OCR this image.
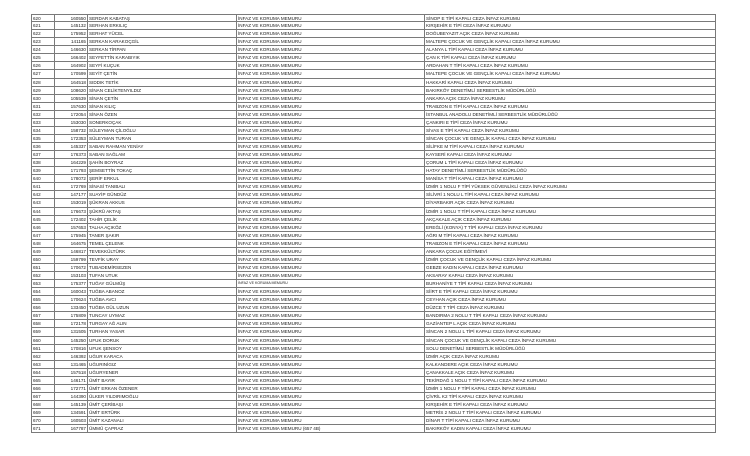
620	160550 SERDAR KABATAŞ	İNFAZ VE KORUMA MEMURU	SİNOP E TİPİ KAPALI CEZA İNFAZ KURUMU
621	145132 SERHAN ERKILIÇ	İNFAZ VE KORUMA MEMURU	KIRŞEHİR E TİPİ CEZA İNFAZ KURUMU
622	175952 SERHAT YÜCEL	İNFAZ VE KORUMA MEMURU	DOĞUBEYAZIT AÇIK CEZA İNFAZ KURUMU
623	141165 SERKAN KARAKOÇGİL	İNFAZ VE KORUMA MEMURU	MALTEPE ÇOCUK VE GENÇLİK KAPALI CEZA İNFAZ KURUMU
624	146630 SERKAN TİRPAN	İNFAZ VE KORUMA MEMURU	ALANYA L TİPİ KAPALI CEZA İNFAZ KURUMU
625	166402 SEYFETTİN KARABIYIK	İNFAZ VE KORUMA MEMURU	ÇAN K TİPİ KAPALI CEZA İNFAZ KURUMU
626	164902 SEYFİ KUÇUK	İNFAZ VE KORUMA MEMURU	ARDAHAN T TİPİ KAPALI CEZA İNFAZ KURUMU
627	170599 SEYİT ÇETİN	İNFAZ VE KORUMA MEMURU	MALTEPE ÇOCUK VE GENÇLİK KAPALI CEZA İNFAZ KURUMU
628	164518 SIDDIK TETİK	İNFAZ VE KORUMA MEMURU	HAKKARİ KAPALI CEZA İNFAZ KURUMU
629	108620 SİNAN CELİKTENYILDIZ	İNFAZ VE KORUMA MEMURU	BAKIRKÖY DENETİMLİ SERBESTLİK MÜDÜRLÜĞÜ
630	105539 SİNAN ÇETİN	İNFAZ VE KORUMA MEMURU	ANKARA AÇIK CEZA İNFAZ KURUMU
631	157630 SİNAN KILIÇ	İNFAZ VE KORUMA MEMURU	TRABZON E TİPİ KAPALI CEZA İNFAZ KURUMU
632	172054 SİNAN ÖZEN	İNFAZ VE KORUMA MEMURU	İSTANBUL ANADOLU DENETİMLİ SERBESTLİK MÜDÜRLÜĞÜ
633	153030 SONERKOÇAK	İNFAZ VE KORUMA MEMURU	ÇANKIRI E TİPİ CEZA İNFAZ KURUMU
634	158732 SÜLEYMAN ÇİLOĞLU	İNFAZ VE KORUMA MEMURU	SİVAS E TİPİ KAPALI CEZA İNFAZ KURUMU
635	172353 SÜLEYMAN TURAN	İNFAZ VE KORUMA MEMURU	SİNCAN ÇOCUK VE GENÇLİK KAPALI CEZA İNFAZ KURUMU
636	145337 SABAN RAHMAN YENİAY	İNFAZ VE KORUMA MEMURU	SİLİFKE M TİPİ KAPALI CEZA İNFAZ KURUMU
637	176373 SABAN SAĞLAM	İNFAZ VE KORUMA MEMURU	KAYSERİ KAPALI CEZA İNFAZ KURUMU
638	164229 ŞAHİN BOYRAZ	İNFAZ VE KORUMA MEMURU	ÇORUM L TİPİ KAPALI CEZA İNFAZ KURUMU
639	171793 ŞEMSETTİN TOKAÇ	İNFAZ VE KORUMA MEMURU	HATAY DENETİMLİ SERBESTLİK MÜDÜRLÜĞÜ
640	178072 ŞERİF ERKUL	İNFAZ VE KORUMA MEMURU	MANİSA T TİPİ KAPALI CEZA İNFAZ KURUMU
641	172769 SİNASİ TANIBALI	İNFAZ VE KORUMA MEMURU	İZMİR 1 NOLU F TİPİ YÜKSEK GÜVENLİKLİ CEZA İNFAZ KURUMU
642	147177 SUAYİP GÜNDÜZ	İNFAZ VE KORUMA MEMURU	SİLİVRİ 1 NOLU L TİPİ KAPALI CEZA İNFAZ KURUMU
643	153019 ŞÜKRAN AKKUS	İNFAZ VE KORUMA MEMURU	DİYARBAKIR AÇIK CEZA İNFAZ KURUMU
644	176673 ŞÜKRÜ AKTAŞ	İNFAZ VE KORUMA MEMURU	İZMİR 1 NOLU T TİPİ KAPALI CEZA İNFAZ KURUMU
645	172402 TAHİR ÇELİK	İNFAZ VE KORUMA MEMURU	AKÇAKALE AÇIK CEZA İNFAZ KURUMU
646	157653 TALHA AÇIKÖZ	İNFAZ VE KORUMA MEMURU	EREĞLİ (KONYA) T TİPİ KAPALI CEZA İNFAZ KURUMU
647	175945 TANER ŞAKIR	İNFAZ VE KORUMA MEMURU	AĞRI M TİPİ KAPALI CEZA İNFAZ KURUMU
648	164675 TEMEL ÇELENK	İNFAZ VE KORUMA MEMURU	TRABZON E TİPİ KAPALI CEZA İNFAZ KURUMU
649	146817 TEVEKKÜLTÜRK	İNFAZ VE KORUMA MEMURU	ANKARA ÇOCUK EĞİTİMEVİ
650	159799 TEVFİK URAY	İNFAZ VE KORUMA MEMURU	İZMİR ÇOCUK VE GENÇLİK KAPALI CEZA İNFAZ KURUMU
651	170672 TUBADEMİRSEZEN	İNFAZ VE KORUMA MEMURU	GEBZE KADIN KAPALI CEZA İNFAZ KURUMU
652	153103 TUFAN UTUK	İNFAZ VE KORUMA MEMURU	AKSARAY KAPALI CEZA İNFAZ KURUMU
653	175377 TUĞAY GÜLMÜŞ	İNFAZ VE KORUMA MEMURU	BURHANİYE T TİPİ KAPALI CEZA İNFAZ KURUMU
654	160043 TUĞBA ABANOZ	İNFAZ VE KORUMA MEMURU	SİİRT E TİPİ KAPALI CEZA İNFAZ KURUMU
655	170624 TUĞBA AVCI	İNFAZ VE KORUMA MEMURU	CEYHAN AÇIK CEZA İNFAZ KURUMU
656	133450 TUĞBA GÜL UZUN	İNFAZ VE KORUMA MEMURU	DÜZCE T TİPİ CEZA İNFAZ KURUMU
657	175809 TUNCAY UYMAZ	İNFAZ VE KORUMA MEMURU	BANDIRMA 2 NOLU T TİPİ KAPALI CEZA İNFAZ KURUMU
658	172178 TURGAY AĞ ALIN	İNFAZ VE KORUMA MEMURU	GAZİANTEP L AÇIK CEZA İNFAZ KURUMU
659	131505 TURHAN YASAR	İNFAZ VE KORUMA MEMURU	SİNCAN 2 NOLU L TİPİ KAPALI CEZA İNFAZ KURUMU
660	145250 UFUK DORUK	İNFAZ VE KORUMA MEMURU	SİNCAN ÇOCUK VE GENÇLİK KAPALI CEZA İNFAZ KURUMU
661	170816 UFUK ŞENSOY	İNFAZ VE KORUMA MEMURU	SOLU DENETİMLİ SERBESTLİK MÜDÜRLÜĞÜ
662	146392 UĞUR KARACA	İNFAZ VE KORUMA MEMURU	İZMİR AÇIK CEZA İNFAZ KURUMU
663	131465 UĞURINİGIZ	İNFAZ VE KORUMA MEMURU	KALKANDERE AÇIK CEZA İNFAZ KURUMU
664	157518 UĞURYENER	İNFAZ VE KORUMA MEMURU	ÇANAKKALE AÇIK CEZA İNFAZ KURUMU
665	146171 ÜMİT BAYIR	İNFAZ VE KORUMA MEMURU	TEKİRDAĞ 1 NOLU T TİPİ KAPALI CEZA İNFAZ KURUMU
666	172771 ÜMİT ERKAN ÖZENER	İNFAZ VE KORUMA MEMURU	İZMİR 1 NOLU F TİPİ KAPALI CEZA İNFAZ KURUMU
667	144390 ÜLKER YILDIRIMOĞLU	İNFAZ VE KORUMA MEMURU	ÇİVRİL K2 TİPİ KAPALI CEZA İNFAZ KURUMU
668	145139 ÜMİT ÇERİBAŞI	İNFAZ VE KORUMA MEMURU	KIRŞEHİR E TİPİ KAPALI CEZA İNFAZ KURUMU
669	134591 ÜMİT ERTÜRK	İNFAZ VE KORUMA MEMURU	METRİS 2 NOLU T TİPİ KAPALI CEZA İNFAZ KURUMU
670	160503 ÜMİT KAZANALI	İNFAZ VE KORUMA MEMURU	DİNAR T TİPİ KAPALI CEZA İNFAZ KURUMU
671	167787 ÜMMÜ ÇAPRAZ	İNFAZ VE KORUMA MEMURU (657 4B)	BAKIRKÖY KADIN KAPALI CEZA İNFAZ KURUMU
